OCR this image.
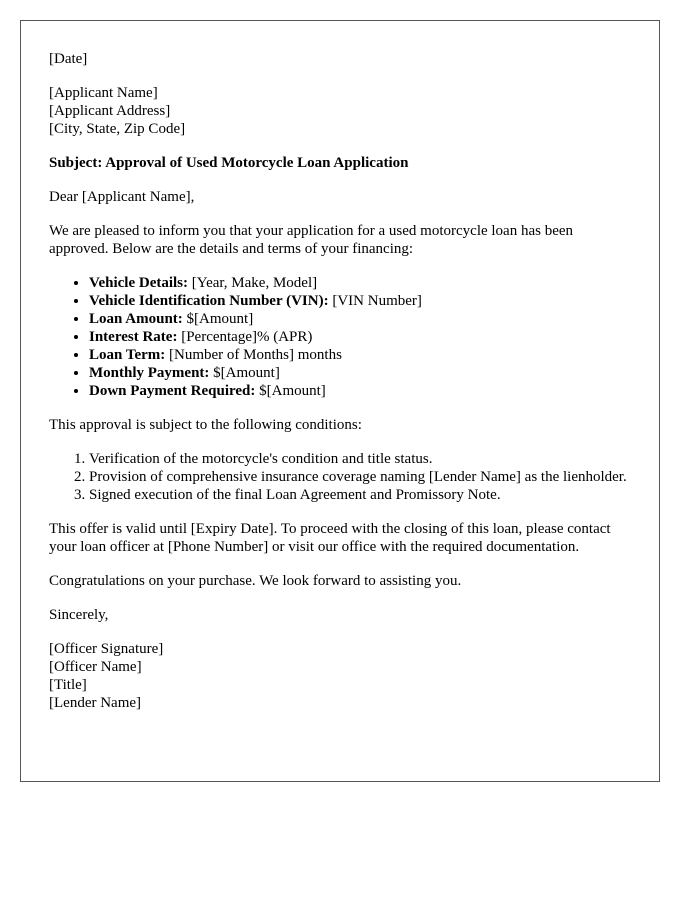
[Date]

[Applicant Name]
[Applicant Address]
[City, State, Zip Code]

Subject: Approval of Used Motorcycle Loan Application

Dear [Applicant Name],

We are pleased to inform you that your application for a used motorcycle loan has been approved. Below are the details and terms of your financing:

• Vehicle Details: [Year, Make, Model]
• Vehicle Identification Number (VIN): [VIN Number]
• Loan Amount: $[Amount]
• Interest Rate: [Percentage]% (APR)
• Loan Term: [Number of Months] months
• Monthly Payment: $[Amount]
• Down Payment Required: $[Amount]

This approval is subject to the following conditions:

1. Verification of the motorcycle's condition and title status.
2. Provision of comprehensive insurance coverage naming [Lender Name] as the lienholder.
3. Signed execution of the final Loan Agreement and Promissory Note.

This offer is valid until [Expiry Date]. To proceed with the closing of this loan, please contact your loan officer at [Phone Number] or visit our office with the required documentation.

Congratulations on your purchase. We look forward to assisting you.

Sincerely,

[Officer Signature]
[Officer Name]
[Title]
[Lender Name]
